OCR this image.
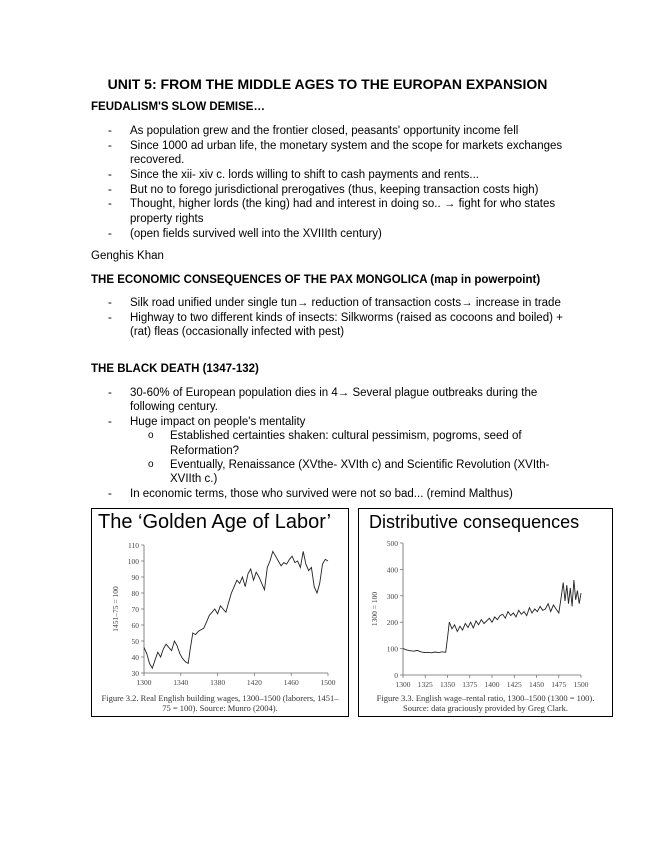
UNIT 5: FROM THE MIDDLE AGES TO THE EUROPAN EXPANSION
FEUDALISM'S SLOW DEMISE…
- As population grew and the frontier closed, peasants' opportunity income fell
- Since 1000 ad urban life, the monetary system and the scope for markets exchanges recovered.
- Since the xii- xiv c. lords willing to shift to cash payments and rents...
- But no to forego jurisdictional prerogatives (thus, keeping transaction costs high)
- Thought, higher lords (the king) had and interest in doing so.. → fight for who states property rights
- (open fields survived well into the XVIIIth century)
Genghis Khan
THE ECONOMIC CONSEQUENCES OF THE PAX MONGOLICA (map in powerpoint)
- Silk road unified under single tun→ reduction of transaction costs→ increase in trade
- Highway to two different kinds of insects: Silkworms (raised as cocoons and boiled) + (rat) fleas (occasionally infected with pest)
THE BLACK DEATH (1347-132)
- 30-60% of European population dies in 4→ Several plague outbreaks during the following century.
- Huge impact on people's mentality
o Established certainties shaken: cultural pessimism, pogroms, seed of Reformation?
o Eventually, Renaissance (XVthe- XVIth c) and Scientific Revolution (XVIth-XVIIth c.)
- In economic terms, those who survived were not so bad... (remind Malthus)
The ‘Golden Age of Labor’
110
100
90
80
70
60
50
40
30
1300	1340	1380	1420	1460	1500
1451–75 = 100
Figure 3.2. Real English building wages, 1300–1500 (laborers, 1451–75 = 100). Source: Munro (2004).
Distributive consequences
500
400
300
200
100
0
1300 1325 1350 1375 1400 1425 1450 1475 1500
1300 = 100
Figure 3.3. English wage–rental ratio, 1300–1500 (1300 = 100). Source: data graciously provided by Greg Clark.
